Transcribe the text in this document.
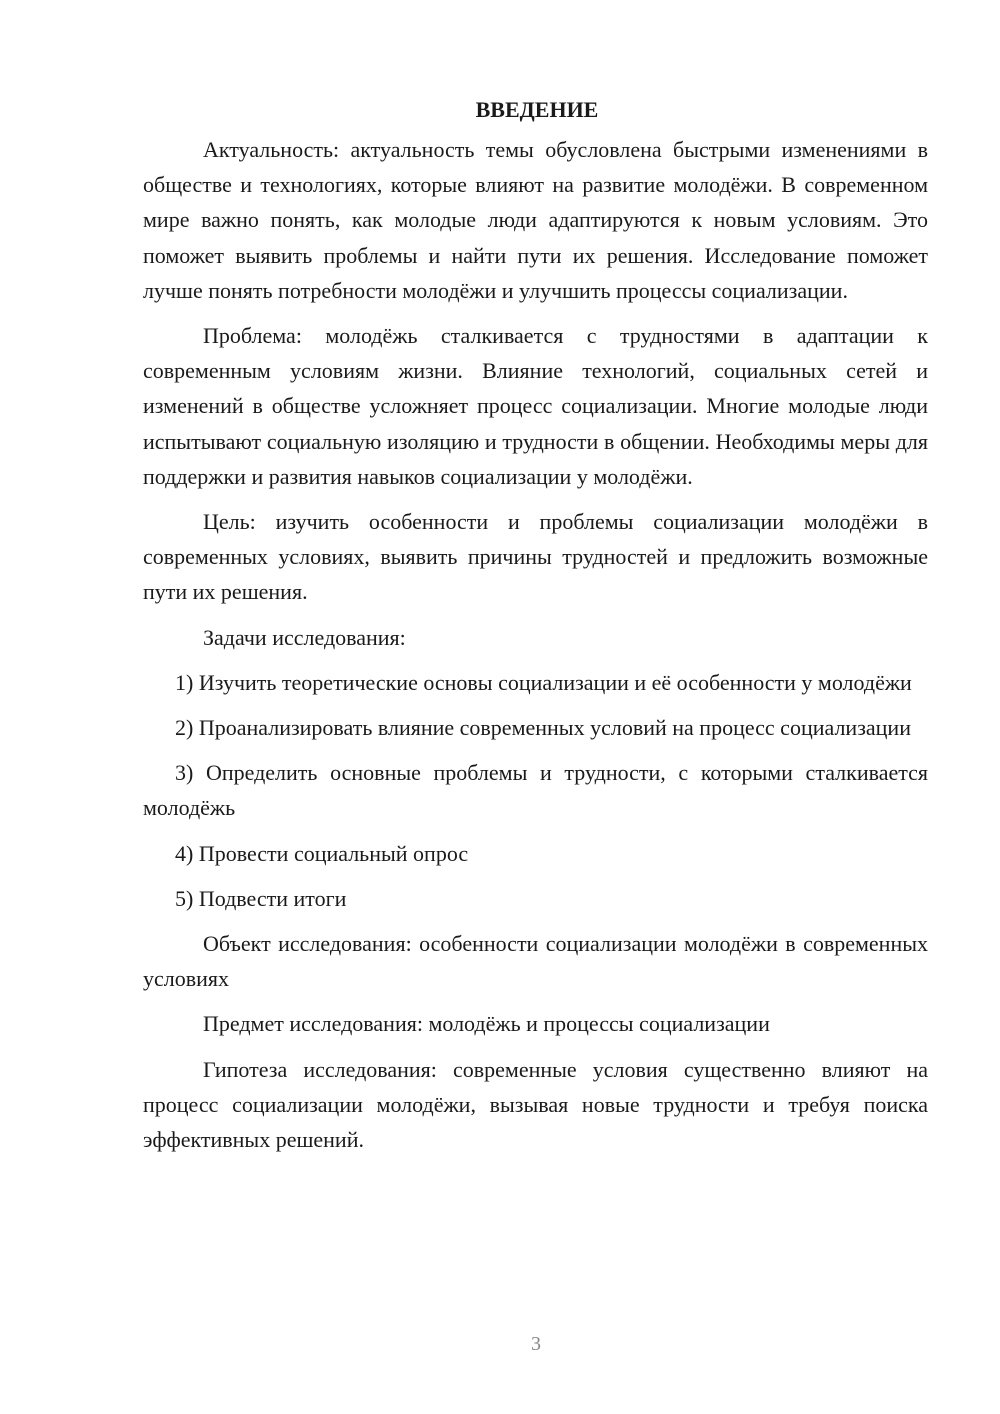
ВВЕДЕНИЕ

Актуальность: актуальность темы обусловлена быстрыми изменениями в обществе и технологиях, которые влияют на развитие молодёжи. В современном мире важно понять, как молодые люди адаптируются к новым условиям. Это поможет выявить проблемы и найти пути их решения. Исследование поможет лучше понять потребности молодёжи и улучшить процессы социализации.

Проблема: молодёжь сталкивается с трудностями в адаптации к современным условиям жизни. Влияние технологий, социальных сетей и изменений в обществе усложняет процесс социализации. Многие молодые люди испытывают социальную изоляцию и трудности в общении. Необходимы меры для поддержки и развития навыков социализации у молодёжи.

Цель: изучить особенности и проблемы социализации молодёжи в современных условиях, выявить причины трудностей и предложить возможные пути их решения.

Задачи исследования:

1) Изучить теоретические основы социализации и её особенности у молодёжи

2) Проанализировать влияние современных условий на процесс социализации

3) Определить основные проблемы и трудности, с которыми сталкивается молодёжь

4) Провести социальный опрос

5) Подвести итоги

Объект исследования: особенности социализации молодёжи в современных условиях

Предмет исследования: молодёжь и процессы социализации

Гипотеза исследования: современные условия существенно влияют на процесс социализации молодёжи, вызывая новые трудности и требуя поиска эффективных решений.

3
